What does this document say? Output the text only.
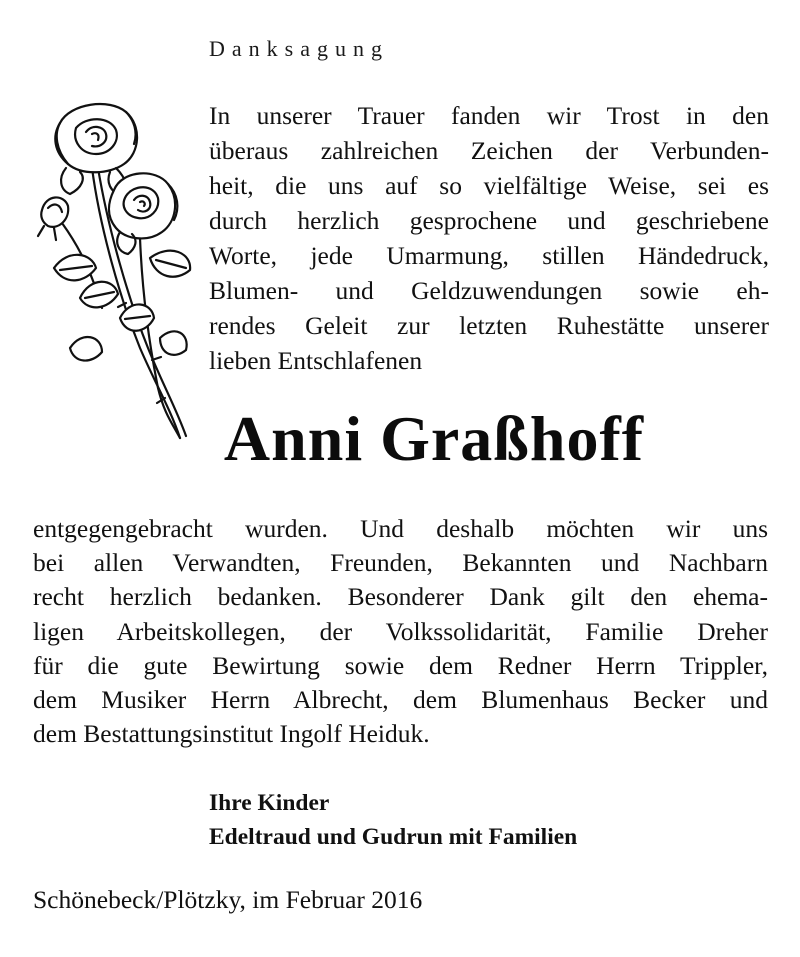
Danksagung
In unserer Trauer fanden wir Trost in den
überaus zahlreichen Zeichen der Verbunden-
heit, die uns auf so vielfältige Weise, sei es
durch herzlich gesprochene und geschriebene
Worte, jede Umarmung, stillen Händedruck,
Blumen- und Geldzuwendungen sowie eh-
rendes Geleit zur letzten Ruhestätte unserer
lieben Entschlafenen
Anni Graßhoff
entgegengebracht wurden. Und deshalb möchten wir uns
bei allen Verwandten, Freunden, Bekannten und Nachbarn
recht herzlich bedanken. Besonderer Dank gilt den ehema-
ligen Arbeitskollegen, der Volkssolidarität, Familie Dreher
für die gute Bewirtung sowie dem Redner Herrn Trippler,
dem Musiker Herrn Albrecht, dem Blumenhaus Becker und
dem Bestattungsinstitut Ingolf Heiduk.
Ihre Kinder
Edeltraud und Gudrun mit Familien
Schönebeck/Plötzky, im Februar 2016
